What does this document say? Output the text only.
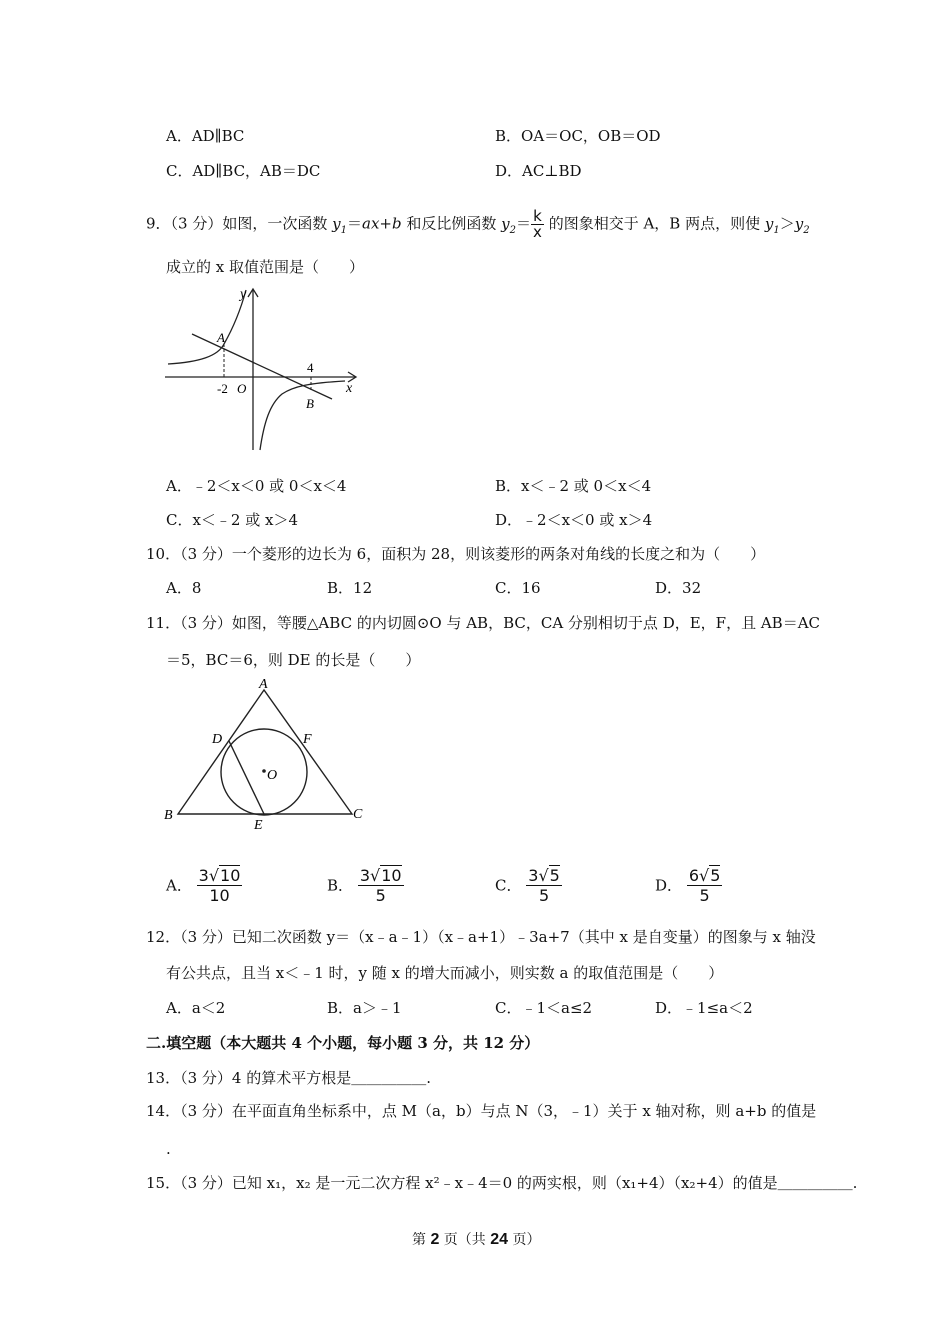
A．AD∥BC	B．OA＝OC，OB＝OD
C．AD∥BC，AB＝DC	D．AC⊥BD
9．（3 分）如图，一次函数 $y_1=ax+b$ 和反比例函数 $y_2= \frac{k}{x}$ 的图象相交于 A，B 两点，则使 $y_1>y_2$
成立的 x 取值范围是（　　）
y
x
A
B
-2 O
4
A．﹣2＜x＜0 或 0＜x＜4	B．x＜﹣2 或 0＜x＜4
C．x＜﹣2 或 x＞4	D．﹣2＜x＜0 或 x＞4
10．（3 分）一个菱形的边长为 6，面积为 28，则该菱形的两条对角线的长度之和为（　　）
A．8	B．12	C．16	D．32
11．（3 分）如图，等腰△ABC 的内切圆⊙O 与 AB，BC，CA 分别相切于点 D，E，F，且 AB＝AC
＝5，BC＝6，则 DE 的长是（　　）
A
B	C
D
E
F
O
A． $\frac{3√10}{10}$	B． $\frac{3√10}{5}$	C． $\frac{3√5}{5}$	D． $\frac{6√5}{5}$
12．（3 分）已知二次函数 y＝（x﹣a﹣1）（x﹣a+1）﹣3a+7（其中 x 是自变量）的图象与 x 轴没
有公共点，且当 x＜﹣1 时，y 随 x 的增大而减小，则实数 a 的取值范围是（　　）
A．a＜2	B．a＞﹣1	C．﹣1＜a≤2	D．﹣1≤a＜2
二.填空题（本大题共 4 个小题，每小题 3 分，共 12 分）
13．（3 分）4 的算术平方根是＿＿＿＿＿.
14．（3 分）在平面直角坐标系中，点 M（a，b）与点 N（3，﹣1）关于 x 轴对称，则 a+b 的值是
.
15．（3 分）已知 x₁，x₂ 是一元二次方程 x²﹣x﹣4＝0 的两实根，则（x₁+4）（x₂+4）的值是＿＿＿＿＿.
第 2 页（共 24 页）
